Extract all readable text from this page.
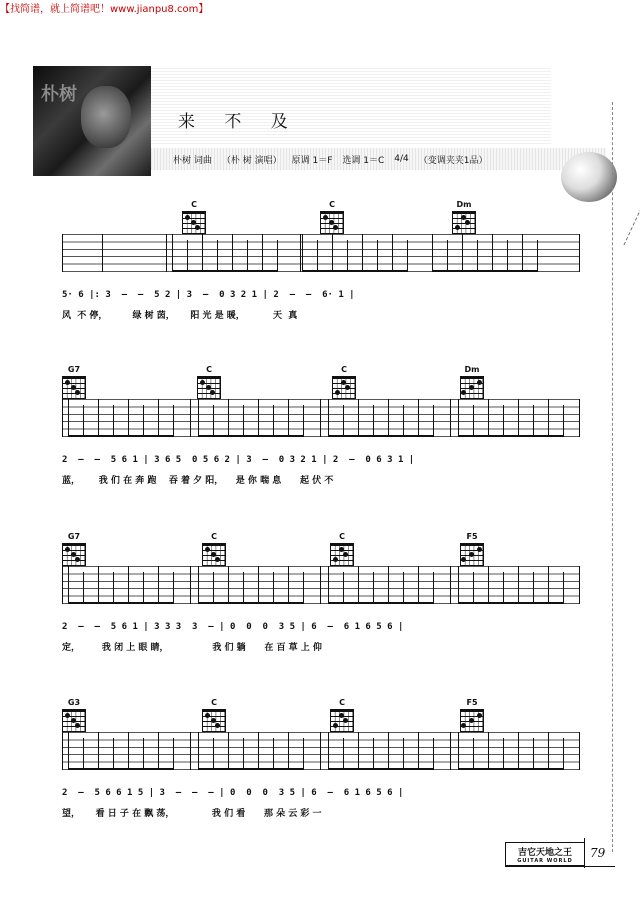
【找简谱，就上简谱吧！www.jianpu8.com】
朴树
朴树 词曲 （朴 树 演唱） 原调 1＝F 选调 1＝C 4/4 （变调夹夹1品）
来 不 及
C	C	Dm
5· 6 |: 3  –  –  5 2 | 3  –  0 3 2 1 | 2  –  –  6· 1 |
风  不 停，        绿 树 茵，     阳 光 是 暖，         天  真
G7	C	C	Dm
2  –  –  5 6 1 | 3 6 5  0 5 6 2 | 3  –  0 3 2 1 | 2  –  0 6 3 1 |
蓝，      我 们 在 奔 跑    吞 着 夕 阳，    是 你 喘 息      起 伏 不
G7	C	C	F5
2  –  –  5 6 1 | 3 3 3  3  – | 0  0  0  3 5 | 6  –  6 1 6 5 6 |
定，       我 闭 上 眼 睛，              我 们 躺      在 百 草 上 仰
G3	C	C	F5
2  –  5 6 6 1 5 | 3  –  –  – | 0  0  0  3 5 | 6  –  6 1 6 5 6 |
望，     看 日 子 在 飘 荡，            我 们 看      那 朵 云 彩 一
吉它天地之王
GUITAR WORLD
79
